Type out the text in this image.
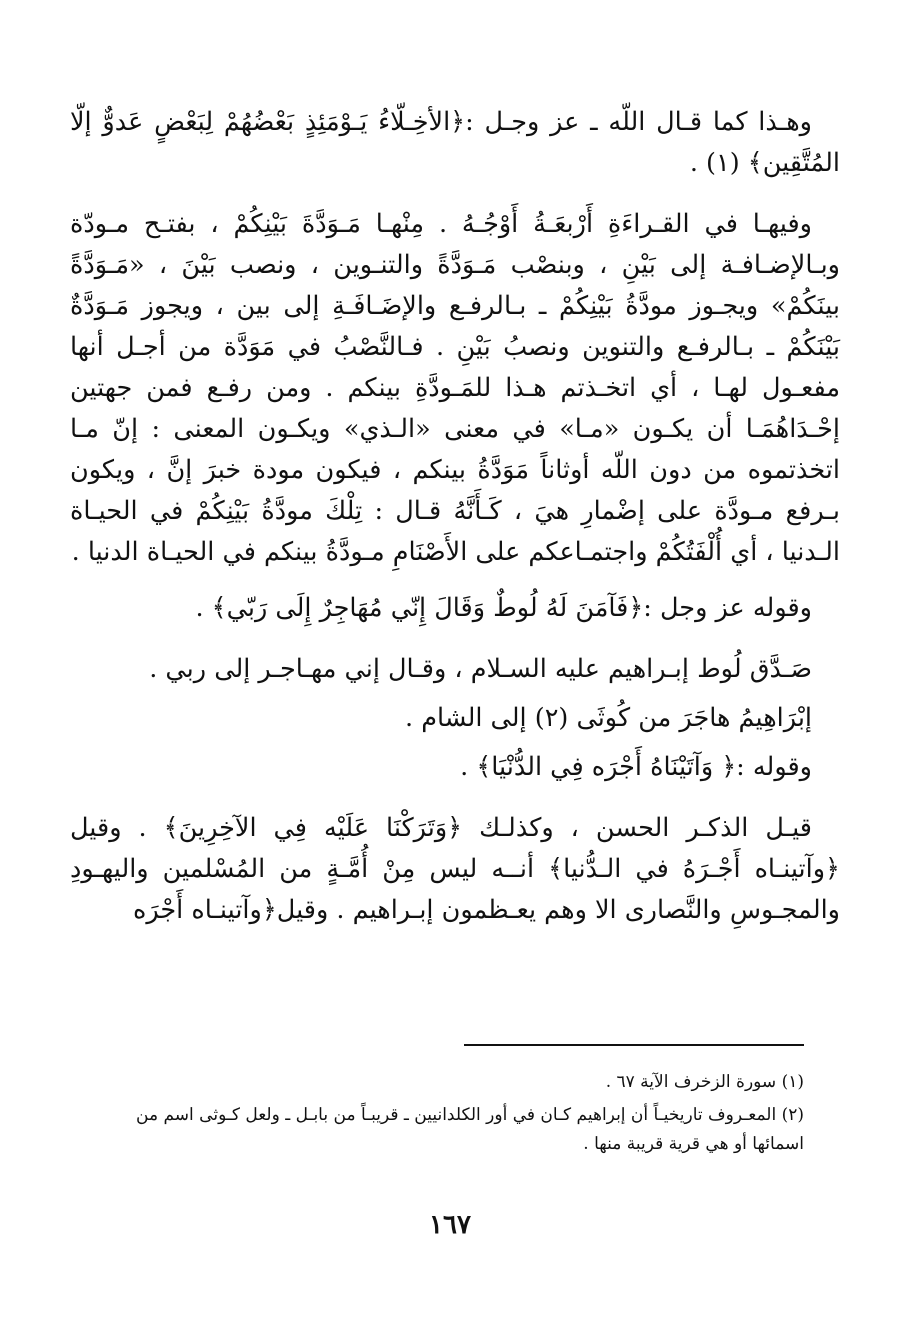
وهـذا كما قـال اللّه ـ عز وجـل :﴿الأخِـلّاءُ يَـوْمَئِذٍ بَعْضُهُمْ لِبَعْضٍ عَدوٌّ إلّا المُتَّقِين﴾ (١) .

وفيهـا في القـراءَةِ أَرْبعَـةُ أَوْجُـهُ . مِنْهـا مَـوَدَّةَ بَيْنِكُمْ ، بفتـح مـودّة وبـالإضـافـة إلى بَيْنِ ، وبنصْب مَـوَدَّةً والتنـوين ، ونصب بَيْنَ ، «مَـوَدَّةً بينَكُمْ» ويجـوز مودَّةُ بَيْنِكُمْ ـ بـالرفـع والإضَـافَـةِ إلى بين ، ويجوز مَـوَدَّةٌ بَيْنَكُمْ ـ بـالرفـع والتنوين ونصبُ بَيْنِ . فـالنَّصْبُ في مَوَدَّة من أجـل أنها مفعـول لهـا ، أي اتخـذتم هـذا للمَـودَّةِ بينكم . ومن رفـع فمن جهتين إحْـدَاهُمَـا أن يكـون «مـا» في معنى «الـذي» ويكـون المعنى : إنّ مـا اتخذتموه من دون اللّه أوثاناً مَوَدَّةُ بينكم ، فيكون مودة خبرَ إنَّ ، ويكون بـرفع مـودَّة على إضْمارِ هيَ ، كَـأَنَّهُ قـال : تِلْكَ مودَّةُ بَيْنِكُمْ في الحيـاة الـدنيا ، أي أُلْفَتُكُمْ واجتمـاعكم على الأَصْنَامِ مـودَّةُ بينكم في الحيـاة الدنيا .

وقوله عز وجل :﴿فَآمَنَ لَهُ لُوطٌ وَقَالَ إِنّي مُهَاجِرٌ إِلَى رَبّي﴾ .

صَـدَّق لُوط إبـراهيم عليه السـلام ، وقـال إني مهـاجـر إلى ربي .

إبْرَاهِيمُ هاجَرَ من كُوثَى (٢) إلى الشام .

وقوله :﴿ وَآتَيْنَاهُ أَجْرَه فِي الدُّنْيَا﴾ .

قيـل الذكـر الحسن ، وكذلـك ﴿وَتَرَكْنَا عَلَيْه فِي الآخِرِينَ﴾ . وقيل ﴿وآتينـاه أَجْـرَهُ في الـدُّنيا﴾ أنــه ليس مِنْ أُمَّـةٍ من المُسْلمين واليهـودِ والمجـوسِ والنَّصارى الا وهم يعـظمون إبـراهيم . وقيل﴿وآتينـاه أَجْرَه

(١) سورة الزخرف الآية ٦٧ .

(٢) المعـروف تاريخيـاً أن إبراهيم كـان في أور الكلدانيين ـ قريبـاً من بابـل ـ ولعل كـوثى اسم من اسمائها أو هي قرية قريبة منها .

١٦٧
